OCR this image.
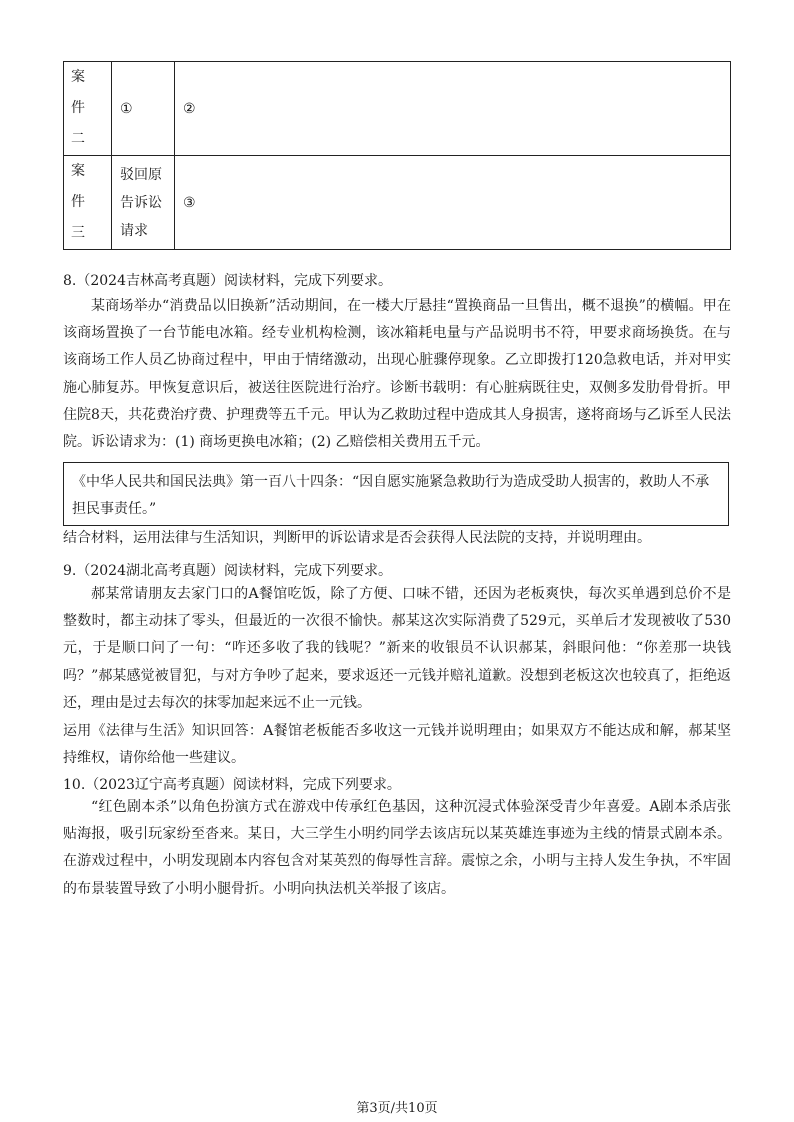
案
件
二	①	②

案
件
三	驳回原
告诉讼
请求	③
8.（2024吉林高考真题）阅读材料，完成下列要求。

某商场举办“消费品以旧换新”活动期间，在一楼大厅悬挂“置换商品一旦售出，概不退换”的横幅。甲在该商场置换了一台节能电冰箱。经专业机构检测，该冰箱耗电量与产品说明书不符，甲要求商场换货。在与该商场工作人员乙协商过程中，甲由于情绪激动，出现心脏骤停现象。乙立即拨打120急救电话，并对甲实施心肺复苏。甲恢复意识后，被送往医院进行治疗。诊断书载明：有心脏病既往史，双侧多发肋骨骨折。甲住院8天，共花费治疗费、护理费等五千元。甲认为乙救助过程中造成其人身损害，遂将商场与乙诉至人民法院。诉讼请求为：(1) 商场更换电冰箱；(2) 乙赔偿相关费用五千元。

《中华人民共和国民法典》第一百八十四条：“因自愿实施紧急救助行为造成受助人损害的，救助人不承担民事责任。”
结合材料，运用法律与生活知识，判断甲的诉讼请求是否会获得人民法院的支持，并说明理由。
9.（2024湖北高考真题）阅读材料，完成下列要求。

郝某常请朋友去家门口的A餐馆吃饭，除了方便、口味不错，还因为老板爽快，每次买单遇到总价不是整数时，都主动抹了零头，但最近的一次很不愉快。郝某这次实际消费了529元，买单后才发现被收了530元，于是顺口问了一句：“咋还多收了我的钱呢？”新来的收银员不认识郝某，斜眼问他：“你差那一块钱吗？”郝某感觉被冒犯，与对方争吵了起来，要求返还一元钱并赔礼道歉。没想到老板这次也较真了，拒绝返还，理由是过去每次的抹零加起来远不止一元钱。

运用《法律与生活》知识回答：A餐馆老板能否多收这一元钱并说明理由；如果双方不能达成和解，郝某坚持维权，请你给他一些建议。

10.（2023辽宁高考真题）阅读材料，完成下列要求。

“红色剧本杀”以角色扮演方式在游戏中传承红色基因，这种沉浸式体验深受青少年喜爱。A剧本杀店张贴海报，吸引玩家纷至沓来。某日，大三学生小明约同学去该店玩以某英雄连事迹为主线的情景式剧本杀。在游戏过程中，小明发现剧本内容包含对某英烈的侮辱性言辞。震惊之余，小明与主持人发生争执，不牢固的布景装置导致了小明小腿骨折。小明向执法机关举报了该店。

第3页/共10页
